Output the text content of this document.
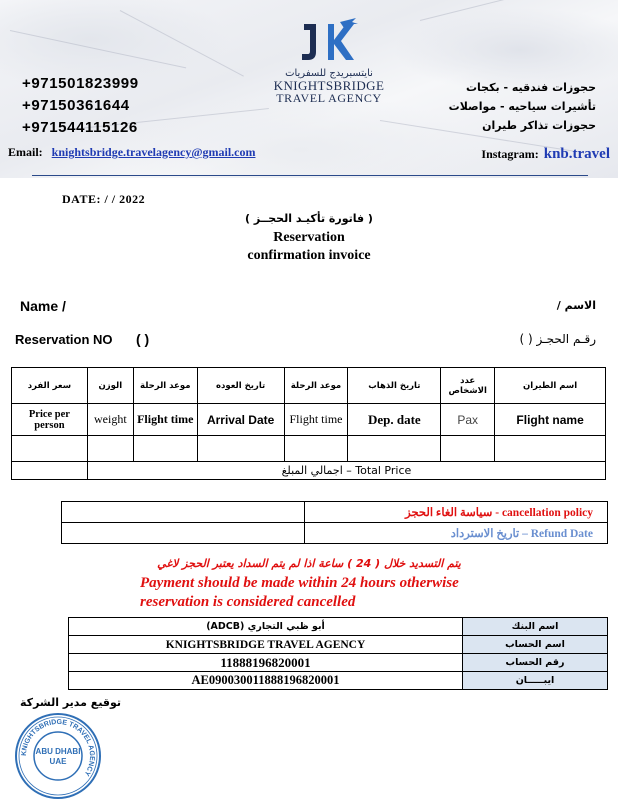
+971501823999
+97150361644
+971544115126
نايتسبريدج للسفريات
KNIGHTSBRIDGE
TRAVEL AGENCY
حجوزات فندقيه - بكجات
تأشيرات سياحيه - مواصلات
حجوزات تذاكر طيران
Email: knightsbridge.travelagency@gmail.com	Instagram: knb.travel
DATE: / / 2022
( فاتورة تأكيـد الحجــز )
Reservation
confirmation invoice
Name /	الاسم /
Reservation NO ( )	رقـم الحجـز ( )
سعر الفرد	الوزن	موعد الرحلة	تاريخ العوده	موعد الرحلة	تاريخ الذهاب	عدد الاشخاص	اسم الطيران
Price per person	weight	Flight time	Arrival Date	Flight time	Dep. date	Pax	Flight name

	اجمالي المبلغ – Total Price						
	سياسة الغاء الحجز - cancellation policy
	تاريخ الاسترداد – Refund Date
يتم التسديد خلال ( 24 ) ساعة اذا لم يتم السداد يعتبر الحجز لاغي
Payment should be made within 24 hours otherwise
reservation is considered cancelled
أبو ظبي التجاري (ADCB)	اسم البنك
KNIGHTSBRIDGE TRAVEL AGENCY	اسم الحساب
11888196820001	رقم الحساب
AE090030011888196820001	ايبـــــان
توقيع مدير الشركة
KNIGHTSBRIDGE TRAVEL AGENCY
ABU DHABI
UAE
